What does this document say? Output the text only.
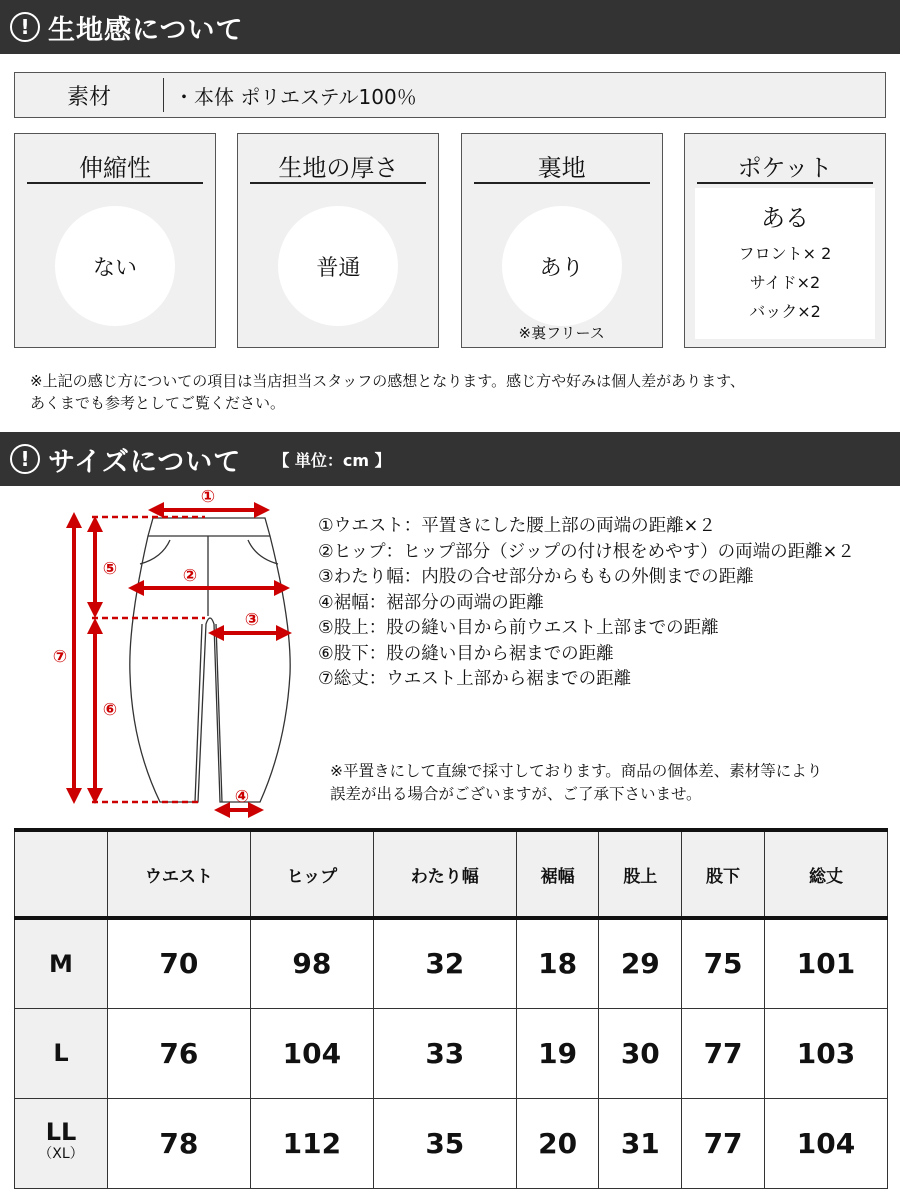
! 生地感について
素材	・本体 ポリエステル100％
伸縮性
ない
生地の厚さ
普通
裏地
あり
※裏フリース
ポケット
ある
フロント× 2
サイド×2
バック×2
※上記の感じ方についての項目は当店担当スタッフの感想となります。感じ方や好みは個人差があります、
あくまでも参考としてご覧ください。
! サイズについて 【 単位：cm 】
①
②
③
④
⑤
⑥
⑦
①ウエスト：平置きにした腰上部の両端の距離×２
②ヒップ：ヒップ部分（ジップの付け根をめやす）の両端の距離×２
③わたり幅：内股の合せ部分からももの外側までの距離
④裾幅：裾部分の両端の距離
⑤股上：股の縫い目から前ウエスト上部までの距離
⑥股下：股の縫い目から裾までの距離
⑦総丈：ウエスト上部から裾までの距離
※平置きにして直線で採寸しております。商品の個体差、素材等により
誤差が出る場合がございますが、ご了承下さいませ。
	ウエスト	ヒップ	わたり幅	裾幅	股上	股下	総丈
M	70	98	32	18	29	75	101
L	76	104	33	19	30	77	103
LL
（XL）	78	112	35	20	31	77	104
